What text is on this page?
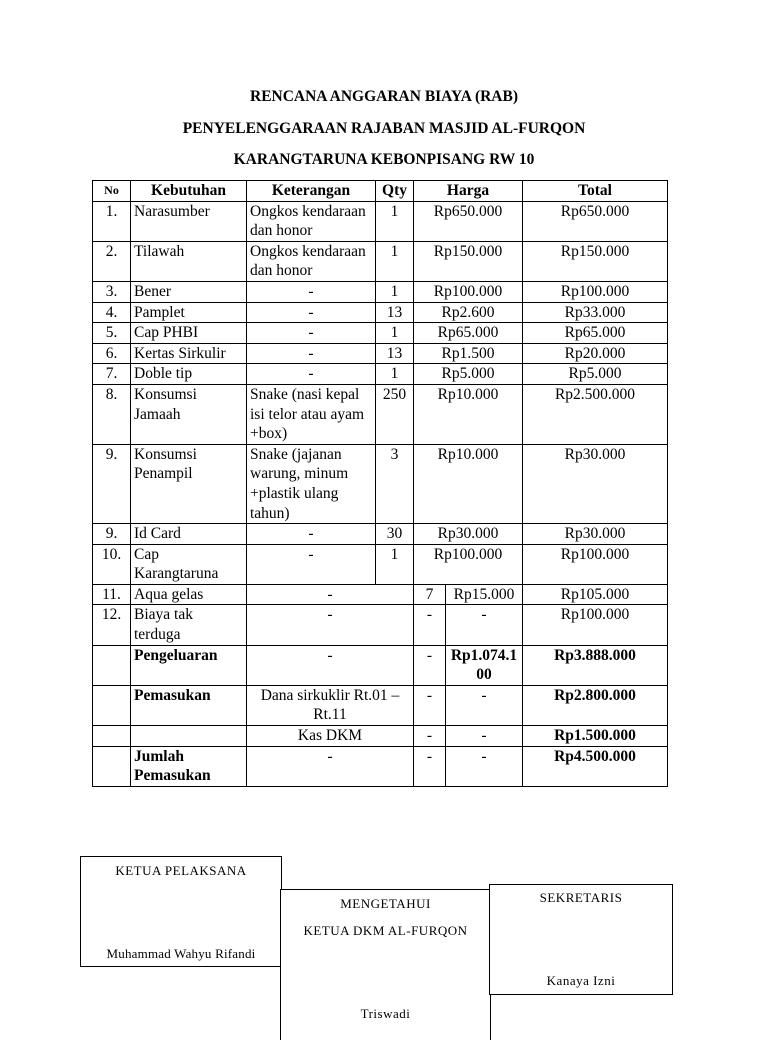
RENCANA ANGGARAN BIAYA (RAB)
PENYELENGGARAAN RAJABAN MASJID AL-FURQON
KARANGTARUNA KEBONPISANG RW 10
No	Kebutuhan	Keterangan	Qty	Harga		Total
1.	Narasumber	Ongkos kendaraan dan honor	1	Rp650.000		Rp650.000
2.	Tilawah	Ongkos kendaraan dan honor	1	Rp150.000		Rp150.000
3.	Bener	-	1	Rp100.000		Rp100.000
4.	Pamplet	-	13	Rp2.600		Rp33.000
5.	Cap PHBI	-	1	Rp65.000		Rp65.000
6.	Kertas Sirkulir	-	13	Rp1.500		Rp20.000
7.	Doble tip	-	1	Rp5.000		Rp5.000
8.	Konsumsi Jamaah	Snake (nasi kepal isi telor atau ayam +box)	250	Rp10.000		Rp2.500.000
9.	Konsumsi Penampil	Snake (jajanan warung, minum +plastik ulang tahun)	3	Rp10.000		Rp30.000
9.	Id Card	-	30	Rp30.000		Rp30.000
10.	Cap Karangtaruna	-	1	Rp100.000		Rp100.000
11.	Aqua gelas	-		7	Rp15.000	Rp105.000
12.	Biaya tak terduga	-		-	-	Rp100.000
	Pengeluaran	-		-	Rp1.074.100	Rp3.888.000
	Pemasukan	Dana sirkuklir Rt.01 – Rt.11		-	-	Rp2.800.000
		Kas DKM		-	-	Rp1.500.000
	Jumlah Pemasukan	-		-	-	Rp4.500.000
KETUA PELAKSANA
Muhammad Wahyu Rifandi
MENGETAHUI
KETUA DKM AL-FURQON
Triswadi
SEKRETARIS
Kanaya Izni
